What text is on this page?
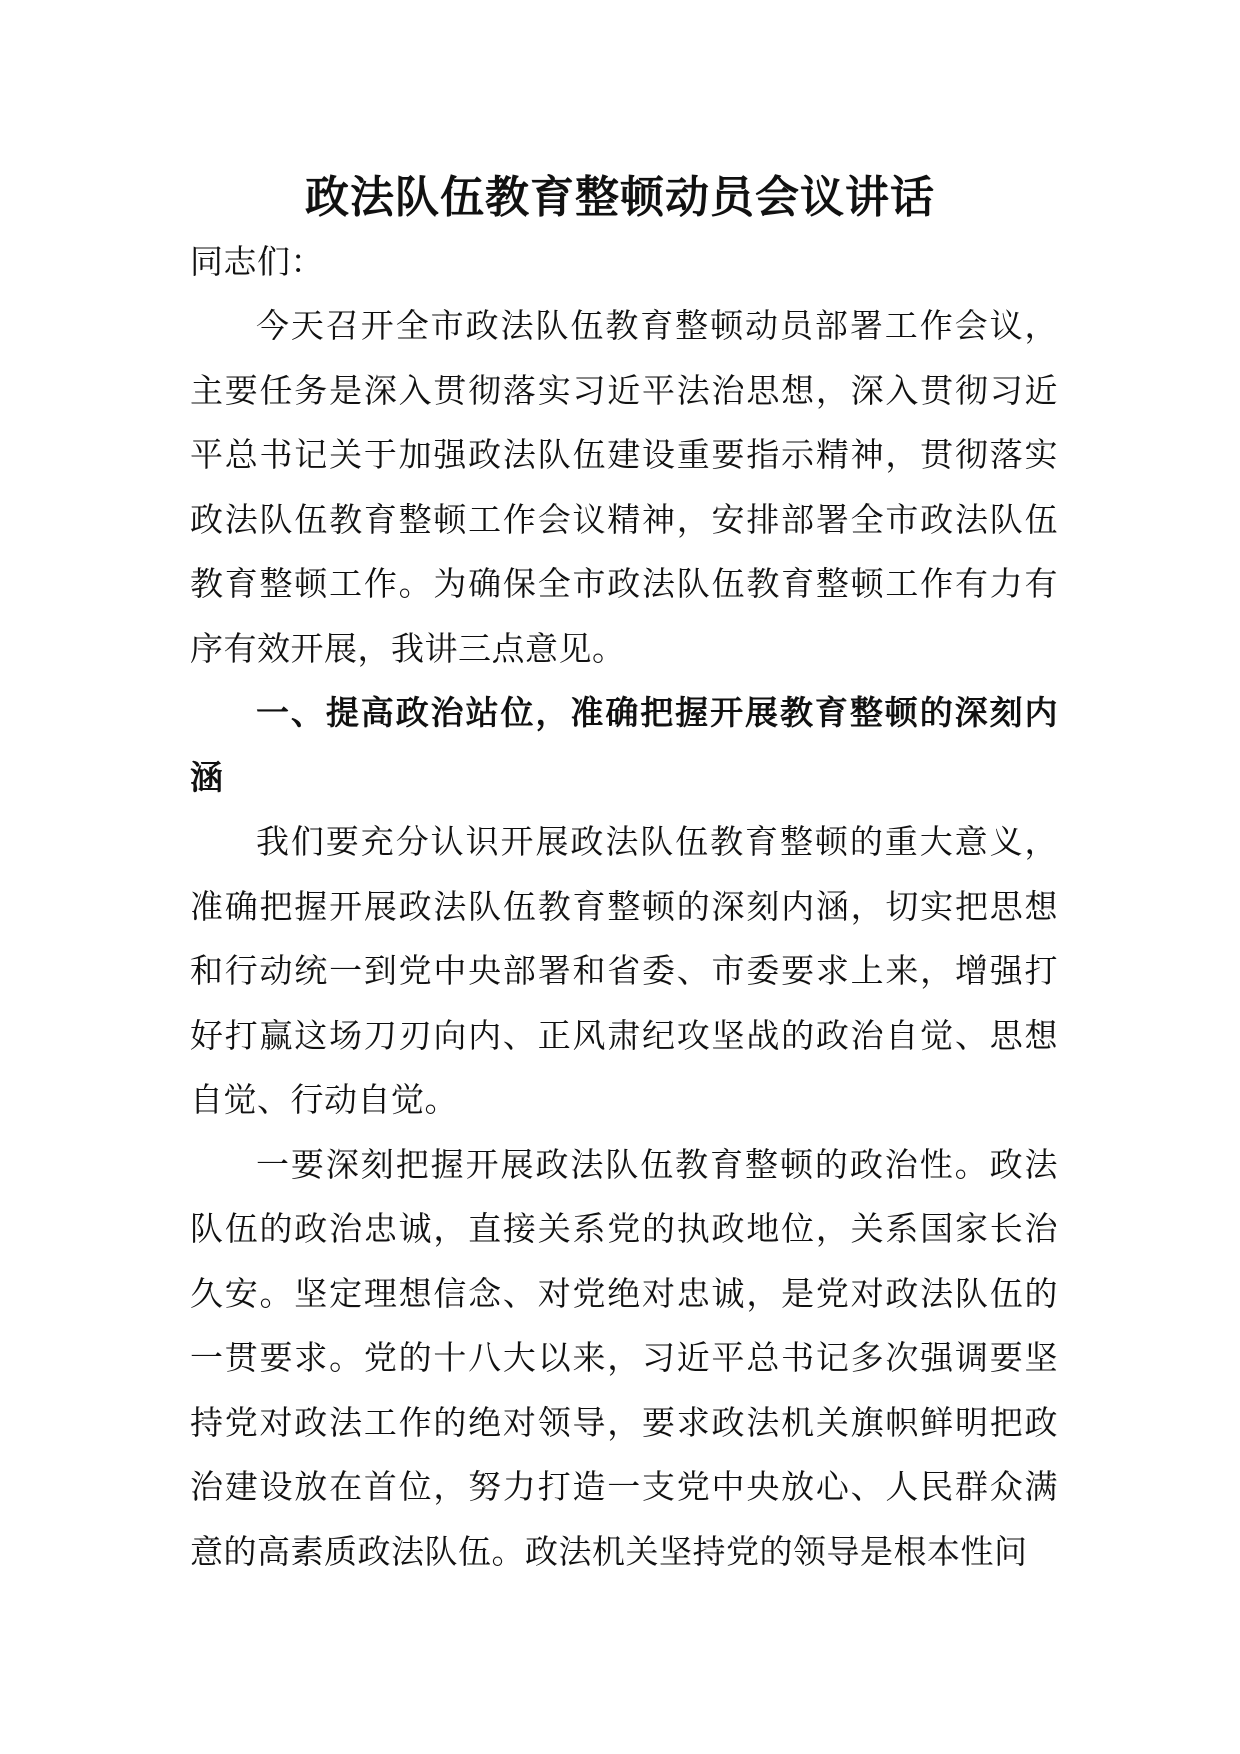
政法队伍教育整顿动员会议讲话

同志们：

今天召开全市政法队伍教育整顿动员部署工作会议，主要任务是深入贯彻落实习近平法治思想，深入贯彻习近平总书记关于加强政法队伍建设重要指示精神，贯彻落实政法队伍教育整顿工作会议精神，安排部署全市政法队伍教育整顿工作。为确保全市政法队伍教育整顿工作有力有序有效开展，我讲三点意见。

一、提高政治站位，准确把握开展教育整顿的深刻内涵

我们要充分认识开展政法队伍教育整顿的重大意义，准确把握开展政法队伍教育整顿的深刻内涵，切实把思想和行动统一到党中央部署和省委、市委要求上来，增强打好打赢这场刀刃向内、正风肃纪攻坚战的政治自觉、思想自觉、行动自觉。

一要深刻把握开展政法队伍教育整顿的政治性。政法队伍的政治忠诚，直接关系党的执政地位，关系国家长治久安。坚定理想信念、对党绝对忠诚，是党对政法队伍的一贯要求。党的十八大以来，习近平总书记多次强调要坚持党对政法工作的绝对领导，要求政法机关旗帜鲜明把政治建设放在首位，努力打造一支党中央放心、人民群众满意的高素质政法队伍。政法机关坚持党的领导是根本性问
